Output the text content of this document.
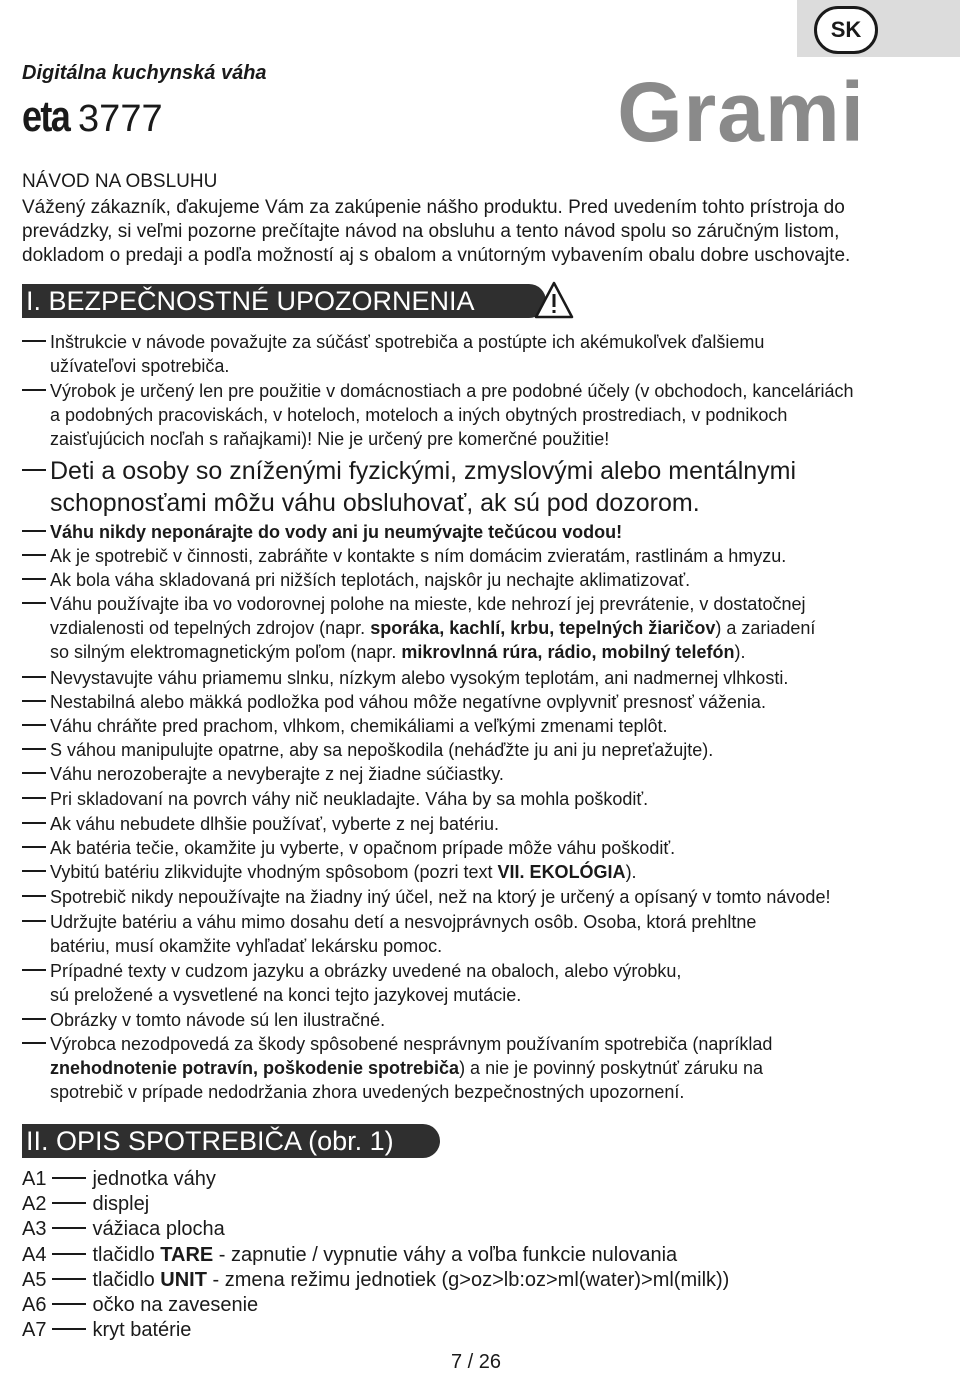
SK
Digitálna kuchynská váha
eta 3777	Grami
NÁVOD NA OBSLUHU
Vážený zákazník, ďakujeme Vám za zakúpenie nášho produktu. Pred uvedením tohto prístroja do
prevádzky, si veľmi pozorne prečítajte návod na obsluhu a tento návod spolu so záručným listom,
dokladom o predaji a podľa možností aj s obalom a vnútorným vybavením obalu dobre uschovajte.
I. BEZPEČNOSTNÉ UPOZORNENIA
Inštrukcie v návode považujte za súčásť spotrebiča a postúpte ich akémukoľvek ďalšiemu
užívateľovi spotrebiča.
Výrobok je určený len pre použitie v domácnostiach a pre podobné účely (v obchodoch, kanceláriách
a podobných pracoviskách, v hoteloch, moteloch a iných obytných prostrediach, v podnikoch
zaisťujúcich nocľah s raňajkami)! Nie je určený pre komerčné použitie!
Deti a osoby so zníženými fyzickými, zmyslovými alebo mentálnymi
schopnosťami môžu váhu obsluhovať, ak sú pod dozorom.
Váhu nikdy neponárajte do vody ani ju neumývajte tečúcou vodou!
Ak je spotrebič v činnosti, zabráňte v kontakte s ním domácim zvieratám, rastlinám a hmyzu.
Ak bola váha skladovaná pri nižších teplotách, najskôr ju nechajte aklimatizovať.
Váhu používajte iba vo vodorovnej polohe na mieste, kde nehrozí jej prevrátenie, v dostatočnej
vzdialenosti od tepelných zdrojov (napr. sporáka, kachlí, krbu, tepelných žiaričov) a zariadení
so silným elektromagnetickým poľom (napr. mikrovlnná rúra, rádio, mobilný telefón).
Nevystavujte váhu priamemu slnku, nízkym alebo vysokým teplotám, ani nadmernej vlhkosti.
Nestabilná alebo mäkká podložka pod váhou môže negatívne ovplyvniť presnosť váženia.
Váhu chráňte pred prachom, vlhkom, chemikáliami a veľkými zmenami teplôt.
S váhou manipulujte opatrne, aby sa nepoškodila (neháďžte ju ani ju nepreťažujte).
Váhu nerozoberajte a nevyberajte z nej žiadne súčiastky.
Pri skladovaní na povrch váhy nič neukladajte. Váha by sa mohla poškodiť.
Ak váhu nebudete dlhšie používať, vyberte z nej batériu.
Ak batéria tečie, okamžite ju vyberte, v opačnom prípade môže váhu poškodiť.
Vybitú batériu zlikvidujte vhodným spôsobom (pozri text VII. EKOLÓGIA).
Spotrebič nikdy nepoužívajte na žiadny iný účel, než na ktorý je určený a opísaný v tomto návode!
Udržujte batériu a váhu mimo dosahu detí a nesvojprávnych osôb. Osoba, ktorá prehltne
batériu, musí okamžite vyhľadať lekársku pomoc.
Prípadné texty v cudzom jazyku a obrázky uvedené na obaloch, alebo výrobku,
sú preložené a vysvetlené na konci tejto jazykovej mutácie.
Obrázky v tomto návode sú len ilustračné.
Výrobca nezodpovedá za škody spôsobené nesprávnym používaním spotrebiča (napríklad
znehodnotenie potravín, poškodenie spotrebiča) a nie je povinný poskytnúť záruku na
spotrebič v prípade nedodržania zhora uvedených bezpečnostných upozornení.
II. OPIS SPOTREBIČA (obr. 1)
A1 jednotka váhy
A2 displej
A3 vážiaca plocha
A4 tlačidlo TARE - zapnutie / vypnutie váhy a voľba funkcie nulovania
A5 tlačidlo UNIT - zmena režimu jednotiek (g>oz>lb:oz>ml(water)>ml(milk))
A6 očko na zavesenie
A7 kryt batérie
7 / 26
